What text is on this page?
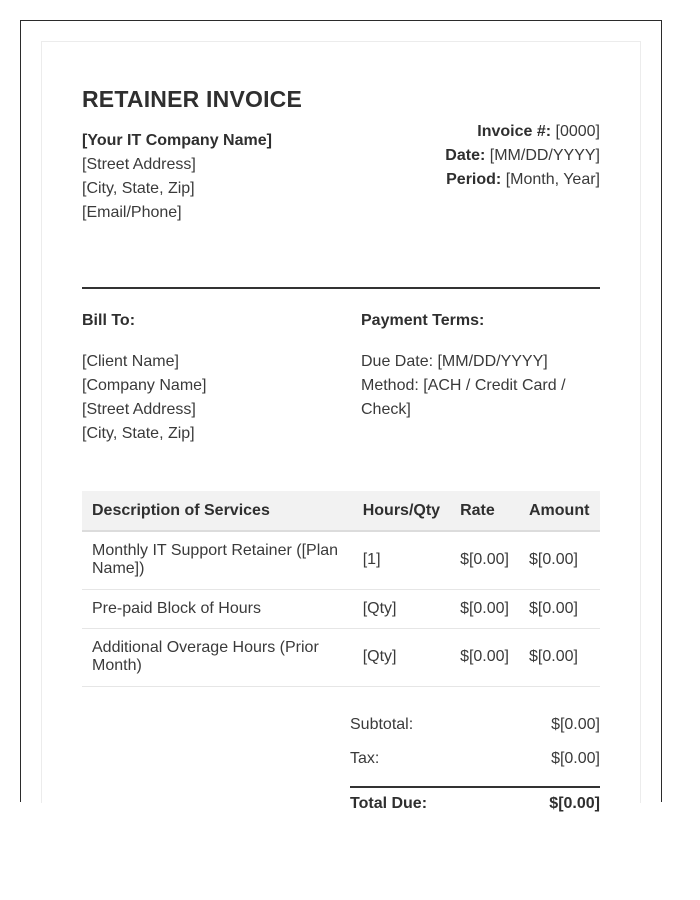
RETAINER INVOICE
[Your IT Company Name]
[Street Address]
[City, State, Zip]
[Email/Phone]
Invoice #: [0000]
Date: [MM/DD/YYYY]
Period: [Month, Year]
Bill To:
[Client Name]
[Company Name]
[Street Address]
[City, State, Zip]
Payment Terms:
Due Date: [MM/DD/YYYY]
Method: [ACH / Credit Card / Check]
Description of Services	Hours/Qty	Rate	Amount
Monthly IT Support Retainer ([Plan Name])	[1]	$[0.00]	$[0.00]
Pre-paid Block of Hours	[Qty]	$[0.00]	$[0.00]
Additional Overage Hours (Prior Month)	[Qty]	$[0.00]	$[0.00]
Subtotal:	$[0.00]
Tax:	$[0.00]
Total Due:	$[0.00]
